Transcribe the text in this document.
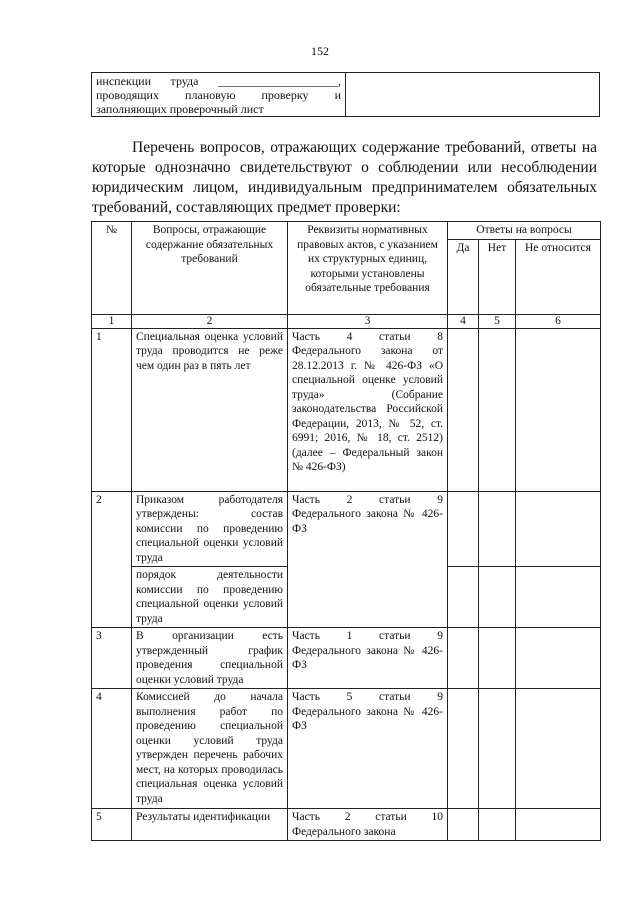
152
инспекции труда ____________________,
проводящих плановую проверку и
заполняющих проверочный лист
Перечень вопросов, отражающих содержание требований, ответы на которые однозначно свидетельствуют о соблюдении или несоблюдении юридическим лицом, индивидуальным предпринимателем обязательных требований, составляющих предмет проверки:
№	Вопросы, отражающие содержание обязательных требований	Реквизиты нормативных правовых актов, с указанием их структурных единиц, которыми установлены обязательные требования	Ответы на вопросы		
			Да	Нет	Не относится
1	2	3	4	5	6
1	Специальная оценка условий труда проводится не реже чем один раз в пять лет	Часть 4 статьи 8 Федерального закона от 28.12.2013 г. № 426-ФЗ «О специальной оценке условий труда» (Собрание законодательства Российской Федерации, 2013, № 52, ст. 6991; 2016, № 18, ст. 2512) (далее – Федеральный закон № 426-ФЗ)			
2	Приказом работодателя утверждены: состав комиссии по проведению специальной оценки условий труда	Часть 2 статьи 9 Федерального закона № 426-ФЗ			
	порядок деятельности комиссии по проведению специальной оценки условий труда				
3	В организации есть утвержденный график проведения специальной оценки условий труда	Часть 1 статьи 9 Федерального закона № 426-ФЗ			
4	Комиссией до начала выполнения работ по проведению специальной оценки условий труда утвержден перечень рабочих мест, на которых проводилась специальная оценка условий труда	Часть 5 статьи 9 Федерального закона № 426-ФЗ			
5	Результаты идентификации	Часть 2 статьи 10 Федерального закона			
